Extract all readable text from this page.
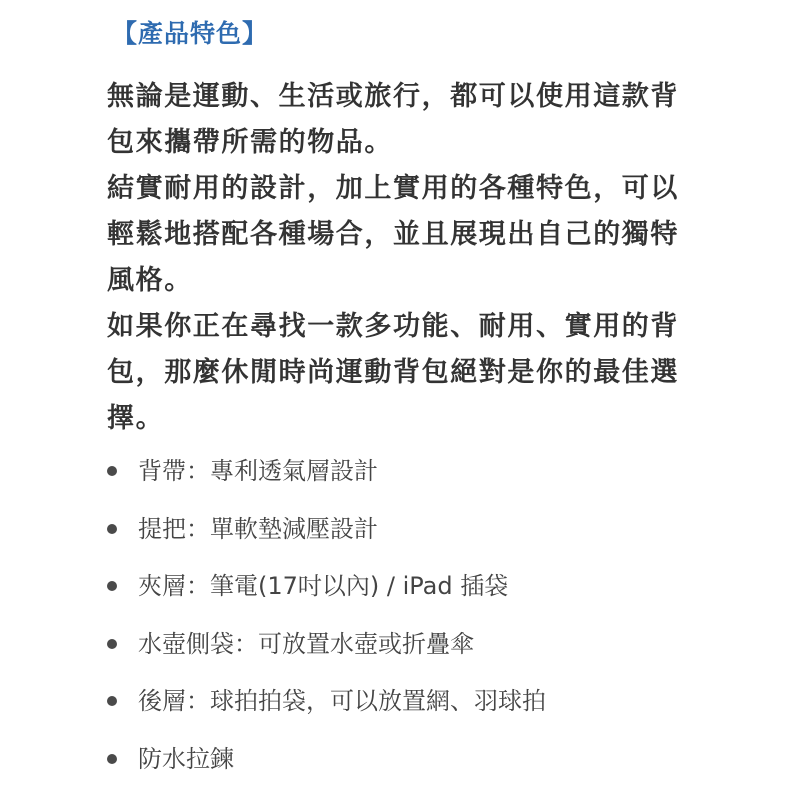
【產品特色】

無論是運動、生活或旅行，都可以使用這款背包來攜帶所需的物品。

結實耐用的設計，加上實用的各種特色，可以輕鬆地搭配各種場合，並且展現出自己的獨特風格。

如果你正在尋找一款多功能、耐用、實用的背包，那麼休閒時尚運動背包絕對是你的最佳選擇。

背帶：專利透氣層設計
提把：單軟墊減壓設計
夾層：筆電(17吋以內) / iPad 插袋
水壺側袋：可放置水壺或折疊傘
後層：球拍拍袋，可以放置網、羽球拍
防水拉鍊
